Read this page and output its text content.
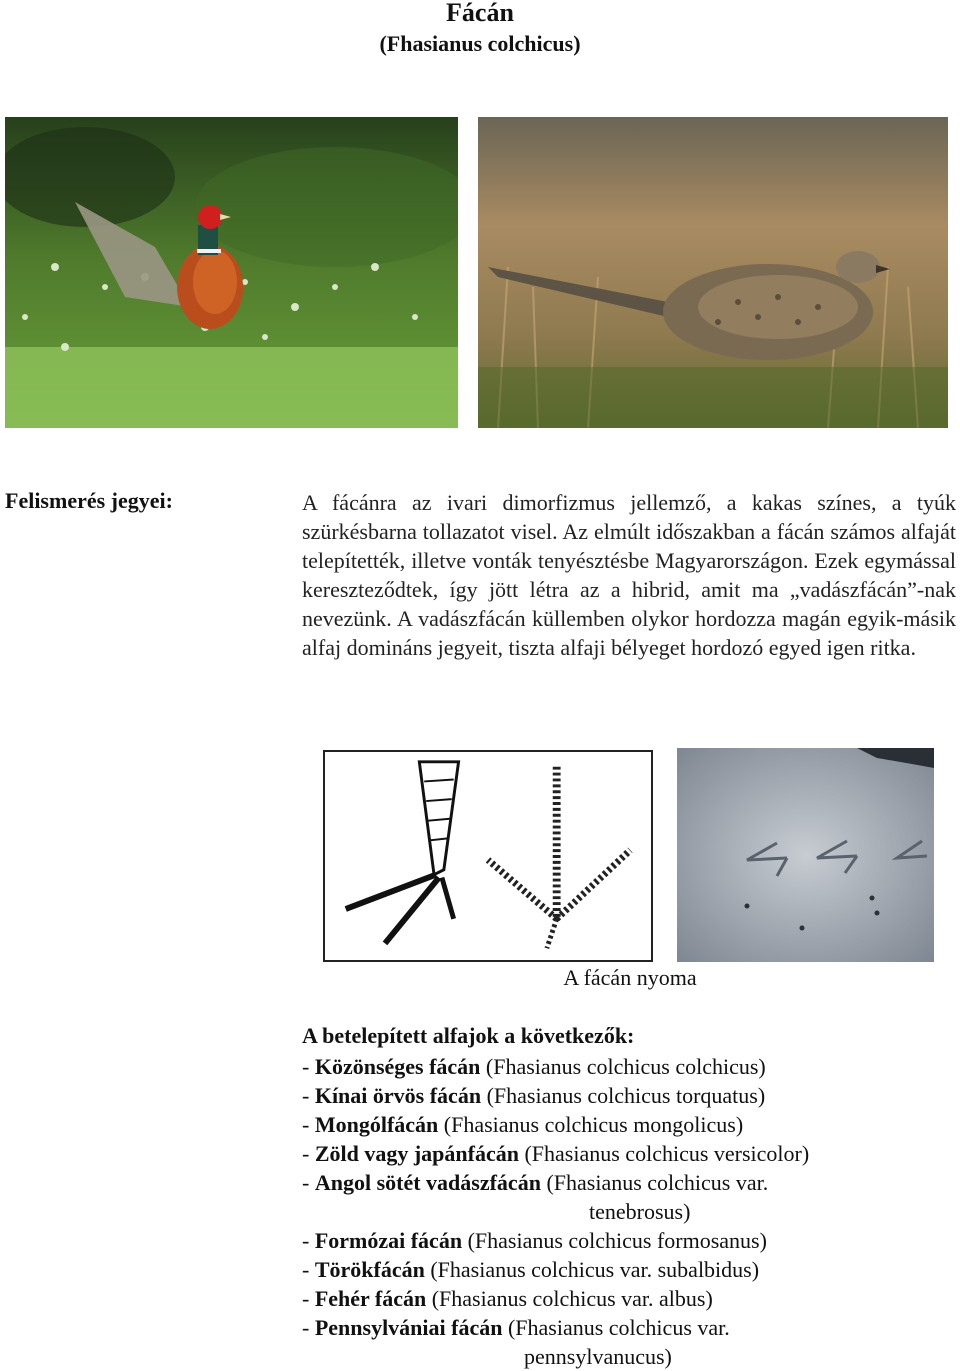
Fácán
(Fhasianus colchicus)
Felismerés jegyei:	A fácánra az ivari dimorfizmus jellemző, a kakas színes, a tyúk szürkésbarna tollazatot visel. Az elmúlt időszakban a fácán számos alfaját telepítették, illetve vonták tenyésztésbe Magyarországon. Ezek egymással kereszteződtek, így jött létra az a hibrid, amit ma „vadászfácán”-nak nevezünk. A vadászfácán küllemben olykor hordozza magán egyik-másik alfaj domináns jegyeit, tiszta alfaji bélyeget hordozó egyed igen ritka.
A fácán nyoma
A betelepített alfajok a következők:
- Közönséges fácán (Fhasianus colchicus colchicus)
- Kínai örvös fácán (Fhasianus colchicus torquatus)
- Mongólfácán (Fhasianus colchicus mongolicus)
- Zöld vagy japánfácán (Fhasianus colchicus versicolor)
- Angol sötét vadászfácán (Fhasianus colchicus var.
tenebrosus)
- Formózai fácán (Fhasianus colchicus formosanus)
- Törökfácán (Fhasianus colchicus var. subalbidus)
- Fehér fácán (Fhasianus colchicus var. albus)
- Pennsylvániai fácán (Fhasianus colchicus var.
pennsylvanucus)
